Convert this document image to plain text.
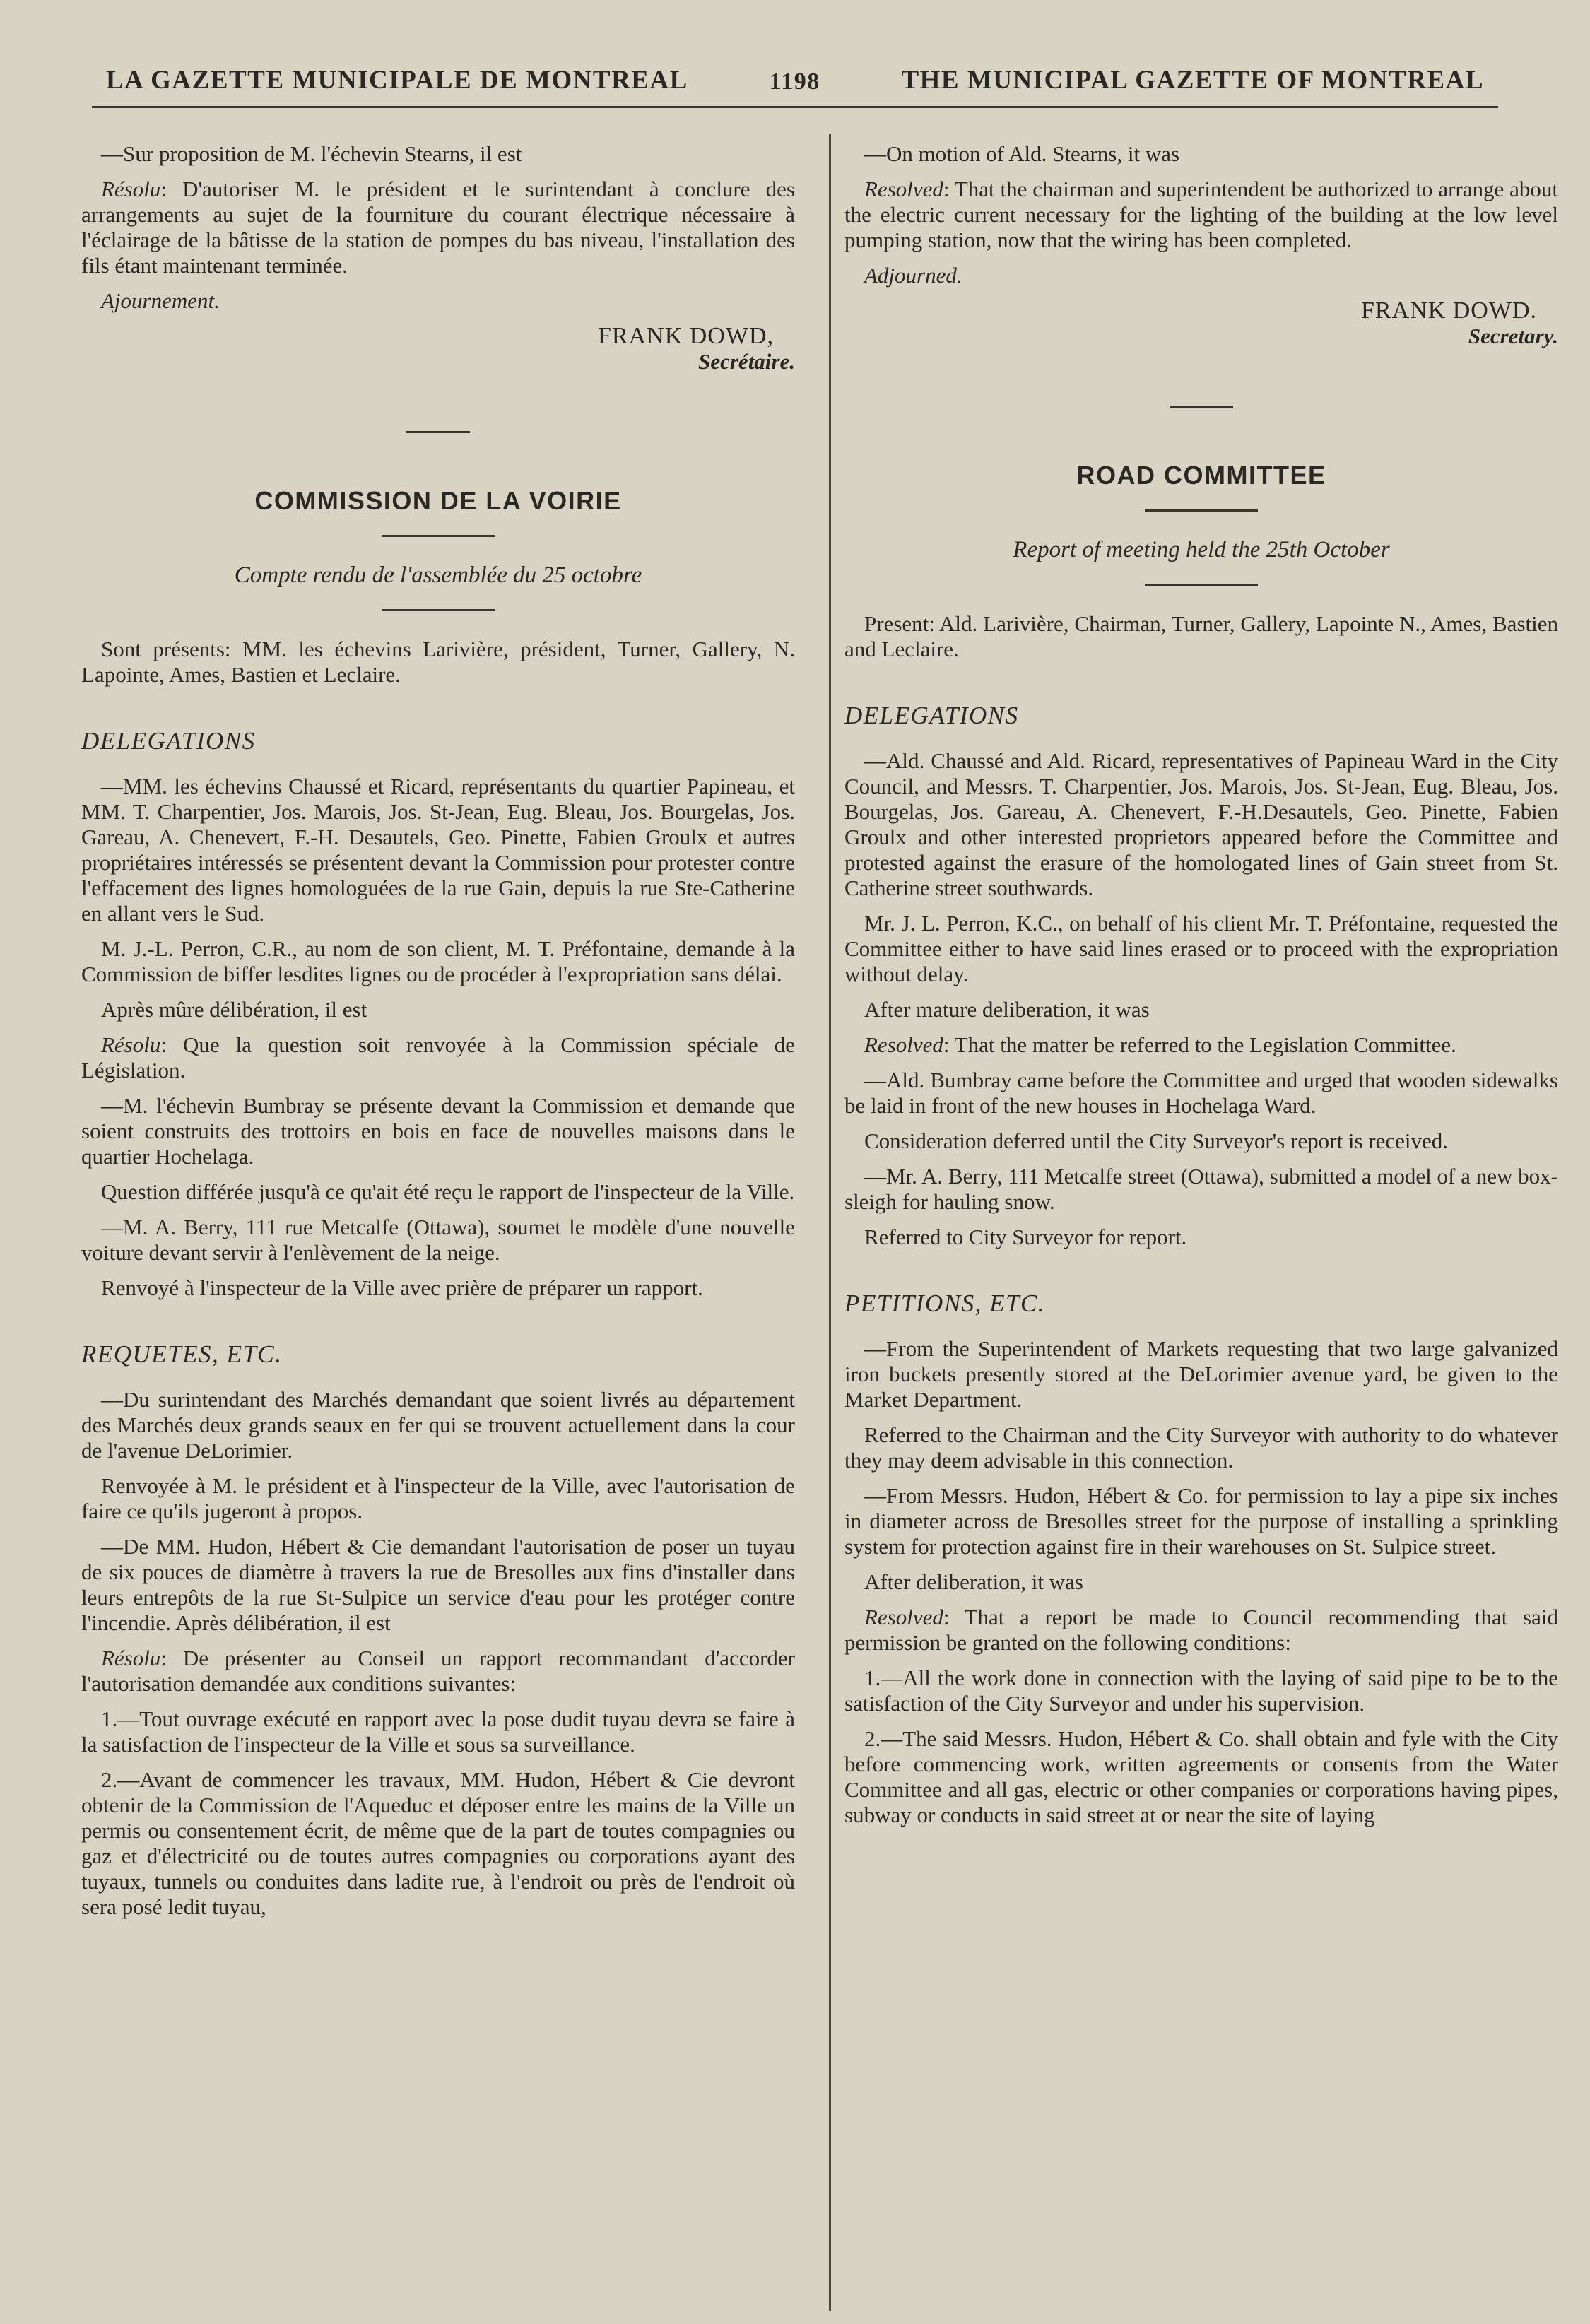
LA GAZETTE MUNICIPALE DE MONTREAL	1198	THE MUNICIPAL GAZETTE OF MONTREAL

—Sur proposition de M. l'échevin Stearns, il est

Résolu: D'autoriser M. le président et le surintendant à conclure des arrangements au sujet de la fourniture du courant électrique nécessaire à l'éclairage de la bâtisse de la station de pompes du bas niveau, l'installation des fils étant maintenant terminée.

Ajournement.

FRANK DOWD,
Secrétaire.

COMMISSION DE LA VOIRIE

Compte rendu de l'assemblée du 25 octobre

Sont présents: MM. les échevins Larivière, président, Turner, Gallery, N. Lapointe, Ames, Bastien et Leclaire.

DELEGATIONS

—MM. les échevins Chaussé et Ricard, représentants du quartier Papineau, et MM. T. Charpentier, Jos. Marois, Jos. St-Jean, Eug. Bleau, Jos. Bourgelas, Jos. Gareau, A. Chenevert, F.-H. Desautels, Geo. Pinette, Fabien Groulx et autres propriétaires intéressés se présentent devant la Commission pour protester contre l'effacement des lignes homologuées de la rue Gain, depuis la rue Ste-Catherine en allant vers le Sud.

M. J.-L. Perron, C.R., au nom de son client, M. T. Préfontaine, demande à la Commission de biffer lesdites lignes ou de procéder à l'expropriation sans délai.

Après mûre délibération, il est

Résolu: Que la question soit renvoyée à la Commission spéciale de Législation.

—M. l'échevin Bumbray se présente devant la Commission et demande que soient construits des trottoirs en bois en face de nouvelles maisons dans le quartier Hochelaga.

Question différée jusqu'à ce qu'ait été reçu le rapport de l'inspecteur de la Ville.

—M. A. Berry, 111 rue Metcalfe (Ottawa), soumet le modèle d'une nouvelle voiture devant servir à l'enlèvement de la neige.

Renvoyé à l'inspecteur de la Ville avec prière de préparer un rapport.

REQUETES, ETC.

—Du surintendant des Marchés demandant que soient livrés au département des Marchés deux grands seaux en fer qui se trouvent actuellement dans la cour de l'avenue DeLorimier.

Renvoyée à M. le président et à l'inspecteur de la Ville, avec l'autorisation de faire ce qu'ils jugeront à propos.

—De MM. Hudon, Hébert & Cie demandant l'autorisation de poser un tuyau de six pouces de diamètre à travers la rue de Bresolles aux fins d'installer dans leurs entrepôts de la rue St-Sulpice un service d'eau pour les protéger contre l'incendie. Après délibération, il est

Résolu: De présenter au Conseil un rapport recommandant d'accorder l'autorisation demandée aux conditions suivantes:

1.—Tout ouvrage exécuté en rapport avec la pose dudit tuyau devra se faire à la satisfaction de l'inspecteur de la Ville et sous sa surveillance.

2.—Avant de commencer les travaux, MM. Hudon, Hébert & Cie devront obtenir de la Commission de l'Aqueduc et déposer entre les mains de la Ville un permis ou consentement écrit, de même que de la part de toutes compagnies ou gaz et d'électricité ou de toutes autres compagnies ou corporations ayant des tuyaux, tunnels ou conduites dans ladite rue, à l'endroit ou près de l'endroit où sera posé ledit tuyau,

—On motion of Ald. Stearns, it was

Resolved: That the chairman and superintendent be authorized to arrange about the electric current necessary for the lighting of the building at the low level pumping station, now that the wiring has been completed.

Adjourned.

FRANK DOWD.
Secretary.

ROAD COMMITTEE

Report of meeting held the 25th October

Present: Ald. Larivière, Chairman, Turner, Gallery, Lapointe N., Ames, Bastien and Leclaire.

DELEGATIONS

—Ald. Chaussé and Ald. Ricard, representatives of Papineau Ward in the City Council, and Messrs. T. Charpentier, Jos. Marois, Jos. St-Jean, Eug. Bleau, Jos. Bourgelas, Jos. Gareau, A. Chenevert, F.-H.Desautels, Geo. Pinette, Fabien Groulx and other interested proprietors appeared before the Committee and protested against the erasure of the homologated lines of Gain street from St. Catherine street southwards.

Mr. J. L. Perron, K.C., on behalf of his client Mr. T. Préfontaine, requested the Committee either to have said lines erased or to proceed with the expropriation without delay.

After mature deliberation, it was

Resolved: That the matter be referred to the Legislation Committee.

—Ald. Bumbray came before the Committee and urged that wooden sidewalks be laid in front of the new houses in Hochelaga Ward.

Consideration deferred until the City Surveyor's report is received.

—Mr. A. Berry, 111 Metcalfe street (Ottawa), submitted a model of a new box-sleigh for hauling snow.

Referred to City Surveyor for report.

PETITIONS, ETC.

—From the Superintendent of Markets requesting that two large galvanized iron buckets presently stored at the DeLorimier avenue yard, be given to the Market Department.

Referred to the Chairman and the City Surveyor with authority to do whatever they may deem advisable in this connection.

—From Messrs. Hudon, Hébert & Co. for permission to lay a pipe six inches in diameter across de Bresolles street for the purpose of installing a sprinkling system for protection against fire in their warehouses on St. Sulpice street.

After deliberation, it was

Resolved: That a report be made to Council recommending that said permission be granted on the following conditions:

1.—All the work done in connection with the laying of said pipe to be to the satisfaction of the City Surveyor and under his supervision.

2.—The said Messrs. Hudon, Hébert & Co. shall obtain and fyle with the City before commencing work, written agreements or consents from the Water Committee and all gas, electric or other companies or corporations having pipes, subway or conducts in said street at or near the site of laying
